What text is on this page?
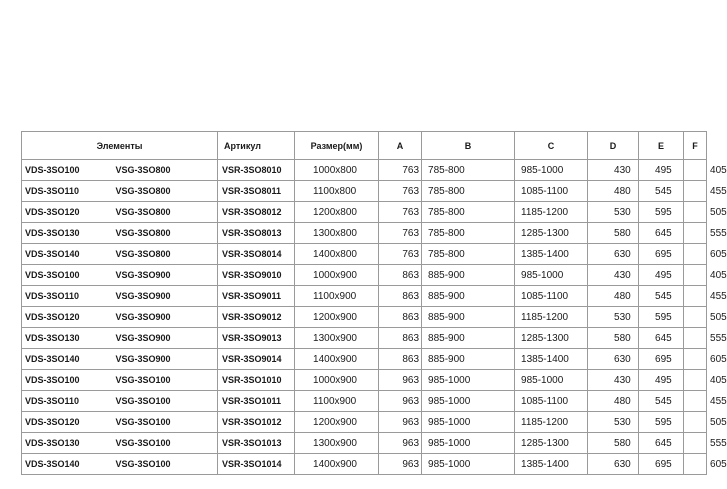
Элементы		Артикул	Размер(мм)	A	B	C	D	E	F
VDS-3SO100	VSG-3SO800	VSR-3SO8010	1000x800	763	785-800	985-1000	430	495	405
VDS-3SO110	VSG-3SO800	VSR-3SO8011	1100x800	763	785-800	1085-1100	480	545	455
VDS-3SO120	VSG-3SO800	VSR-3SO8012	1200x800	763	785-800	1185-1200	530	595	505
VDS-3SO130	VSG-3SO800	VSR-3SO8013	1300x800	763	785-800	1285-1300	580	645	555
VDS-3SO140	VSG-3SO800	VSR-3SO8014	1400x800	763	785-800	1385-1400	630	695	605
VDS-3SO100	VSG-3SO900	VSR-3SO9010	1000x900	863	885-900	985-1000	430	495	405
VDS-3SO110	VSG-3SO900	VSR-3SO9011	1100x900	863	885-900	1085-1100	480	545	455
VDS-3SO120	VSG-3SO900	VSR-3SO9012	1200x900	863	885-900	1185-1200	530	595	505
VDS-3SO130	VSG-3SO900	VSR-3SO9013	1300x900	863	885-900	1285-1300	580	645	555
VDS-3SO140	VSG-3SO900	VSR-3SO9014	1400x900	863	885-900	1385-1400	630	695	605
VDS-3SO100	VSG-3SO100	VSR-3SO1010	1000x900	963	985-1000	985-1000	430	495	405
VDS-3SO110	VSG-3SO100	VSR-3SO1011	1100x900	963	985-1000	1085-1100	480	545	455
VDS-3SO120	VSG-3SO100	VSR-3SO1012	1200x900	963	985-1000	1185-1200	530	595	505
VDS-3SO130	VSG-3SO100	VSR-3SO1013	1300x900	963	985-1000	1285-1300	580	645	555
VDS-3SO140	VSG-3SO100	VSR-3SO1014	1400x900	963	985-1000	1385-1400	630	695	605
